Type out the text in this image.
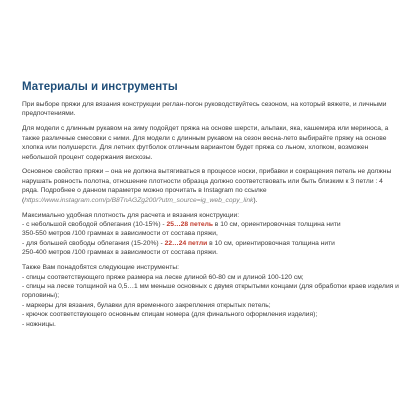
Материалы и инструменты

При выборе пряжи для вязания конструкции реглан-погон руководствуйтесь сезоном, на который вяжете, и личными предпочтениями.

Для модели с длинным рукавом на зиму подойдет пряжа на основе шерсти, альпаки, яка, кашемира или мериноса, а также различные смесовки с ними. Для модели с длинным рукавом на сезон весна-лето выбирайте пряжу на основе хлопка или полушерсти. Для летних футболок отличным вариантом будет пряжа со льном, хлопком, возможен небольшой процент содержания вискозы.

Основное свойство пряжи – она не должна вытягиваться в процессе носки, прибавки и сокращения петель не должны нарушать ровность полотна, отношение плотности образца должно соответствовать или быть близким к 3 петли : 4 ряда. Подробнее о данном параметре можно прочитать в Instagram по ссылке (https://www.instagram.com/p/B8TnAGZg200/?utm_source=ig_web_copy_link).

Максимально удобная плотность для расчета и вязания конструкции:
- с небольшой свободой облегания (10-15%) - 25…28 петель в 10 см, ориентировочная толщина нити
350-550 метров /100 граммах в зависимости от состава пряжи,
- для большей свободы облегания (15-20%) - 22…24 петли в 10 см, ориентировочная толщина нити
250-400 метров /100 граммах в зависимости от состава пряжи.
Также Вам понадобятся следующие инструменты:
- спицы соответствующего пряже размера на леске длиной 60-80 см и длиной 100-120 см;
- спицы на леске толщиной на 0,5…1 мм меньше основных с двумя открытыми концами (для обработки краев изделия и горловины);
- маркеры для вязания, булавки для временного закрепления открытых петель;
- крючок соответствующего основным спицам номера (для финального оформления изделия);
- ножницы.
